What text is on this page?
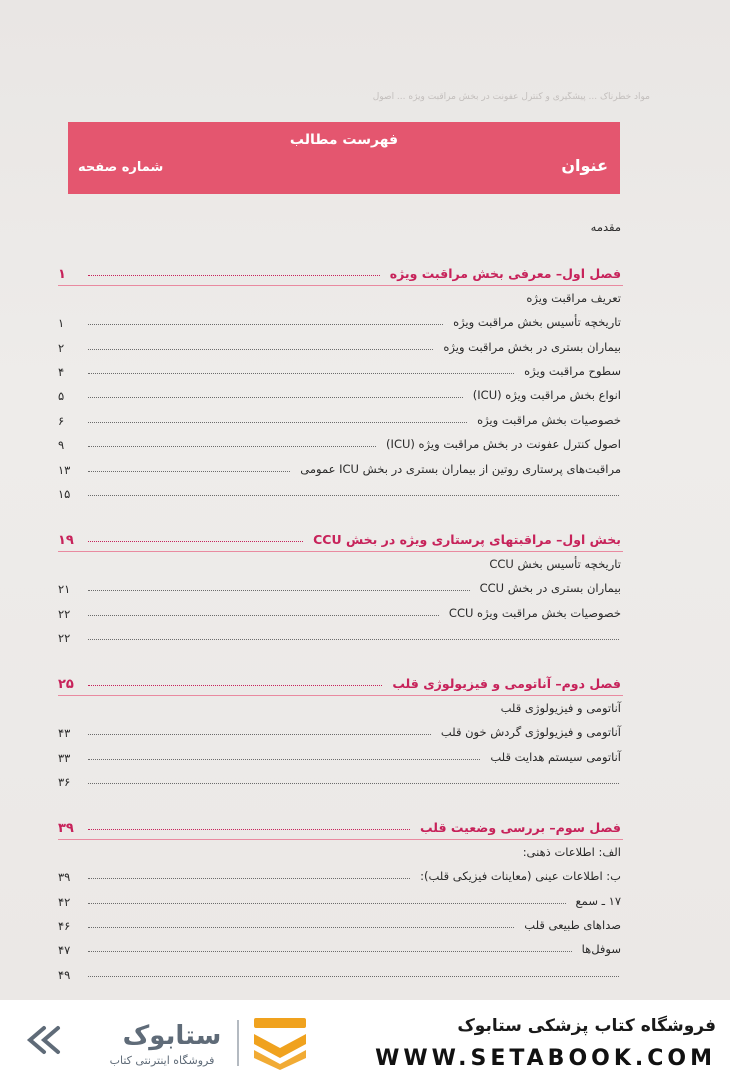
مواد خطرناک ... پیشگیری و کنترل عفونت در بخش مراقبت ویژه ... اصول
فهرست مطالب
عنوان
شماره صفحه
مقدمه
فصل اول– معرفی بخش مراقبت ویژه
۱
تعریف مراقبت ویژه
تاریخچه تأسیس بخش مراقبت ویژه
۱
بیماران بستری در بخش مراقبت ویژه
۲
سطوح مراقبت ویژه
۴
انواع بخش مراقبت ویژه (ICU)
۵
خصوصیات بخش مراقبت ویژه
۶
اصول کنترل عفونت در بخش مراقبت ویژه (ICU)
۹
مراقبت‌های پرستاری روتین از بیماران بستری در بخش ICU عمومی
۱۳
۱۵
بخش اول– مراقبتهای پرستاری ویژه در بخش CCU
۱۹
تاریخچه تأسیس بخش CCU
بیماران بستری در بخش CCU
۲۱
خصوصیات بخش مراقبت ویژه CCU
۲۲
۲۲
فصل دوم– آناتومی و فیزیولوژی قلب
۲۵
آناتومی و فیزیولوژی قلب
آناتومی و فیزیولوژی گردش خون قلب
۴۳
آناتومی سیستم هدایت قلب
۳۳
۳۶
فصل سوم– بررسی وضعیت قلب
۳۹
الف: اطلاعات ذهنی:
ب: اطلاعات عینی (معاینات فیزیکی قلب):
۳۹
۱۷ ـ سمع
۴۲
صداهای طبیعی قلب
۴۶
سوفل‌ها
۴۷
۴۹
ستابوک
فروشگاه اینترنتی کتاب
فروشگاه کتاب پزشکی ستابوک
WWW.SETABOOK.COM
